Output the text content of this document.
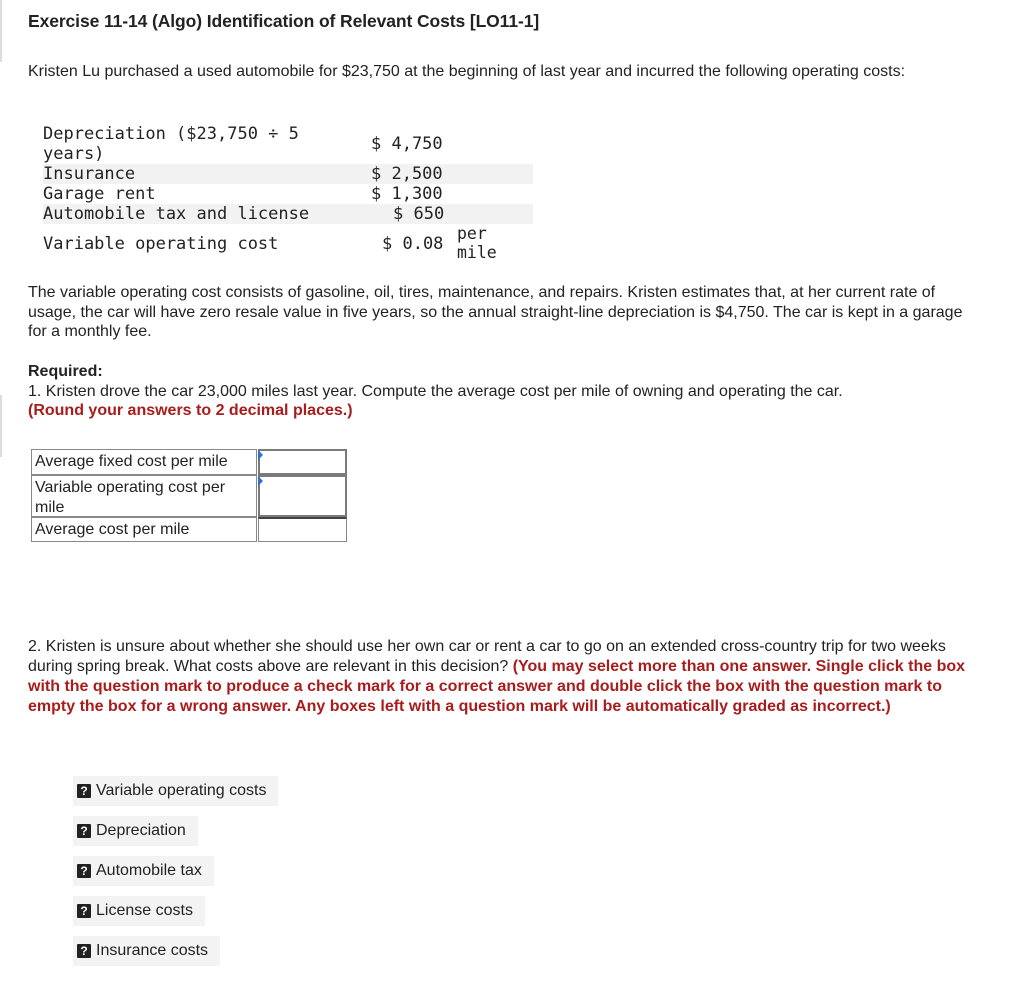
Exercise 11-14 (Algo) Identification of Relevant Costs [LO11-1]

Kristen Lu purchased a used automobile for $23,750 at the beginning of last year and incurred the following operating costs:

Depreciation ($23,750 ÷ 5
years)	$ 4,750
Insurance	$ 2,500
Garage rent	$ 1,300
Automobile tax and license	$ 650
Variable operating cost	$ 0.08
per
mile

The variable operating cost consists of gasoline, oil, tires, maintenance, and repairs. Kristen estimates that, at her current rate of usage, the car will have zero resale value in five years, so the annual straight-line depreciation is $4,750. The car is kept in a garage for a monthly fee.

Required:
1. Kristen drove the car 23,000 miles last year. Compute the average cost per mile of owning and operating the car.
(Round your answers to 2 decimal places.)
Average fixed cost per mile
Variable operating cost per mile
Average cost per mile
2. Kristen is unsure about whether she should use her own car or rent a car to go on an extended cross-country trip for two weeks during spring break. What costs above are relevant in this decision? (You may select more than one answer. Single click the box with the question mark to produce a check mark for a correct answer and double click the box with the question mark to empty the box for a wrong answer. Any boxes left with a question mark will be automatically graded as incorrect.)
? Variable operating costs
? Depreciation
? Automobile tax
? License costs
? Insurance costs
